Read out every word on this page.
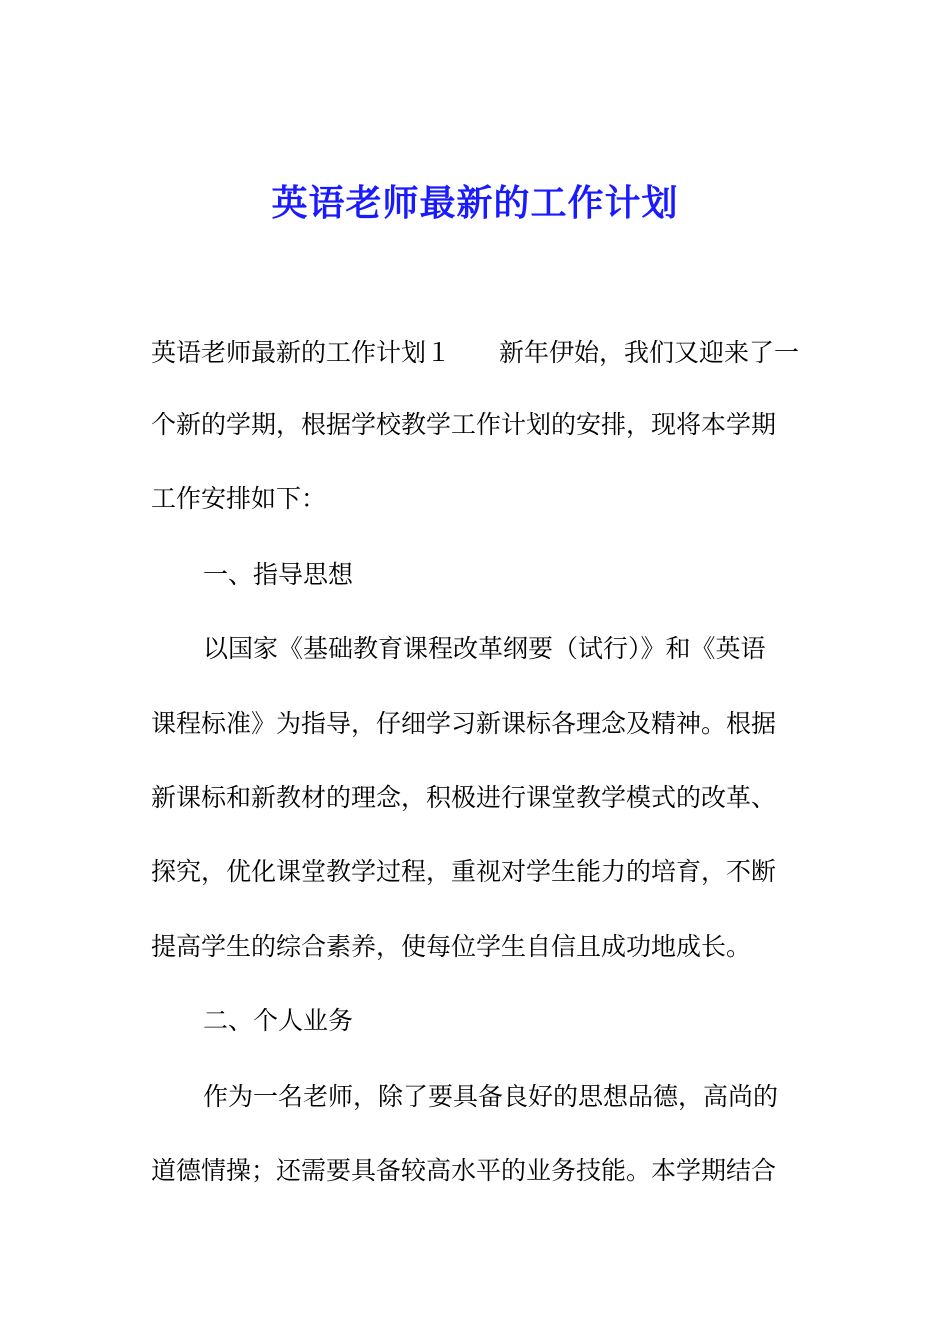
英语老师最新的工作计划

英语老师最新的工作计划１ 新年伊始，我们又迎来了一

个新的学期，根据学校教学工作计划的安排，现将本学期

工作安排如下：

一、指导思想

以国家《基础教育课程改革纲要（试行）》和《英语

课程标准》为指导，仔细学习新课标各理念及精神。根据

新课标和新教材的理念，积极进行课堂教学模式的改革、

探究，优化课堂教学过程，重视对学生能力的培育，不断

提高学生的综合素养，使每位学生自信且成功地成长。

二、个人业务

作为一名老师，除了要具备良好的思想品德，高尚的

道德情操；还需要具备较高水平的业务技能。本学期结合
